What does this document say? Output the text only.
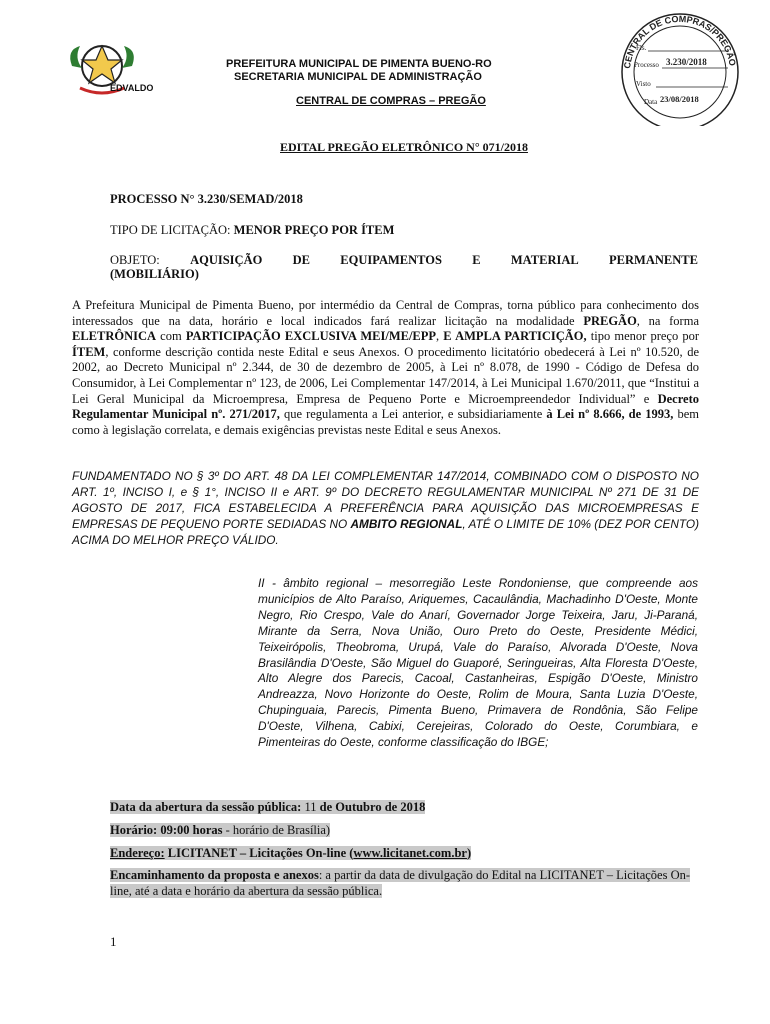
EDVALDO
PREFEITURA MUNICIPAL DE PIMENTA BUENO-RO
SECRETARIA MUNICIPAL DE ADMINISTRAÇÃO
CENTRAL DE COMPRAS – PREGÃO
CENTRAL DE COMPRAS/PREGÃO
Fls.
Processo 3.230/2018
Visto
Data 23/08/2018
EDITAL PREGÃO ELETRÔNICO N° 071/2018
PROCESSO N° 3.230/SEMAD/2018
TIPO DE LICITAÇÃO: MENOR PREÇO POR ÍTEM
OBJETO: AQUISIÇÃO DE EQUIPAMENTOS E MATERIAL PERMANENTE
(MOBILIÁRIO)
A Prefeitura Municipal de Pimenta Bueno, por intermédio da Central de Compras, torna público para conhecimento dos interessados que na data, horário e local indicados fará realizar licitação na modalidade PREGÃO, na forma ELETRÔNICA com PARTICIPAÇÃO EXCLUSIVA MEI/ME/EPP, E AMPLA PARTICIÇÃO, tipo menor preço por ÍTEM, conforme descrição contida neste Edital e seus Anexos. O procedimento licitatório obedecerá à Lei nº 10.520, de 2002, ao Decreto Municipal nº 2.344, de 30 de dezembro de 2005, à Lei nº 8.078, de 1990 - Código de Defesa do Consumidor, à Lei Complementar nº 123, de 2006, Lei Complementar 147/2014, à Lei Municipal 1.670/2011, que “Institui a Lei Geral Municipal da Microempresa, Empresa de Pequeno Porte e Microempreendedor Individual” e Decreto Regulamentar Municipal nº. 271/2017, que regulamenta a Lei anterior, e subsidiariamente à Lei nº 8.666, de 1993, bem como à legislação correlata, e demais exigências previstas neste Edital e seus Anexos.
FUNDAMENTADO NO § 3º DO ART. 48 DA LEI COMPLEMENTAR 147/2014, COMBINADO COM O DISPOSTO NO ART. 1º, INCISO I, e § 1°, INCISO II e ART. 9º DO DECRETO REGULAMENTAR MUNICIPAL Nº 271 DE 31 DE AGOSTO DE 2017, FICA ESTABELECIDA A PREFERÊNCIA PARA AQUISIÇÃO DAS MICROEMPRESAS E EMPRESAS DE PEQUENO PORTE SEDIADAS NO AMBITO REGIONAL, ATÉ O LIMITE DE 10% (DEZ POR CENTO) ACIMA DO MELHOR PREÇO VÁLIDO.
II - âmbito regional – mesorregião Leste Rondoniense, que compreende aos municípios de Alto Paraíso, Ariquemes, Cacaulândia, Machadinho D'Oeste, Monte Negro, Rio Crespo, Vale do Anarí, Governador Jorge Teixeira, Jaru, Ji-Paraná, Mirante da Serra, Nova União, Ouro Preto do Oeste, Presidente Médici, Teixeirópolis, Theobroma, Urupá, Vale do Paraíso, Alvorada D'Oeste, Nova Brasilândia D'Oeste, São Miguel do Guaporé, Seringueiras, Alta Floresta D'Oeste, Alto Alegre dos Parecis, Cacoal, Castanheiras, Espigão D'Oeste, Ministro Andreazza, Novo Horizonte do Oeste, Rolim de Moura, Santa Luzia D'Oeste, Chupinguaia, Parecis, Pimenta Bueno, Primavera de Rondônia, São Felipe D'Oeste, Vilhena, Cabixi, Cerejeiras, Colorado do Oeste, Corumbiara, e Pimenteiras do Oeste, conforme classificação do IBGE;
Data da abertura da sessão pública: 11 de Outubro de 2018
Horário: 09:00 horas - horário de Brasília)
Endereço: LICITANET – Licitações On-line (www.licitanet.com.br)
Encaminhamento da proposta e anexos: a partir da data de divulgação do Edital na LICITANET – Licitações On-line, até a data e horário da abertura da sessão pública.
1
